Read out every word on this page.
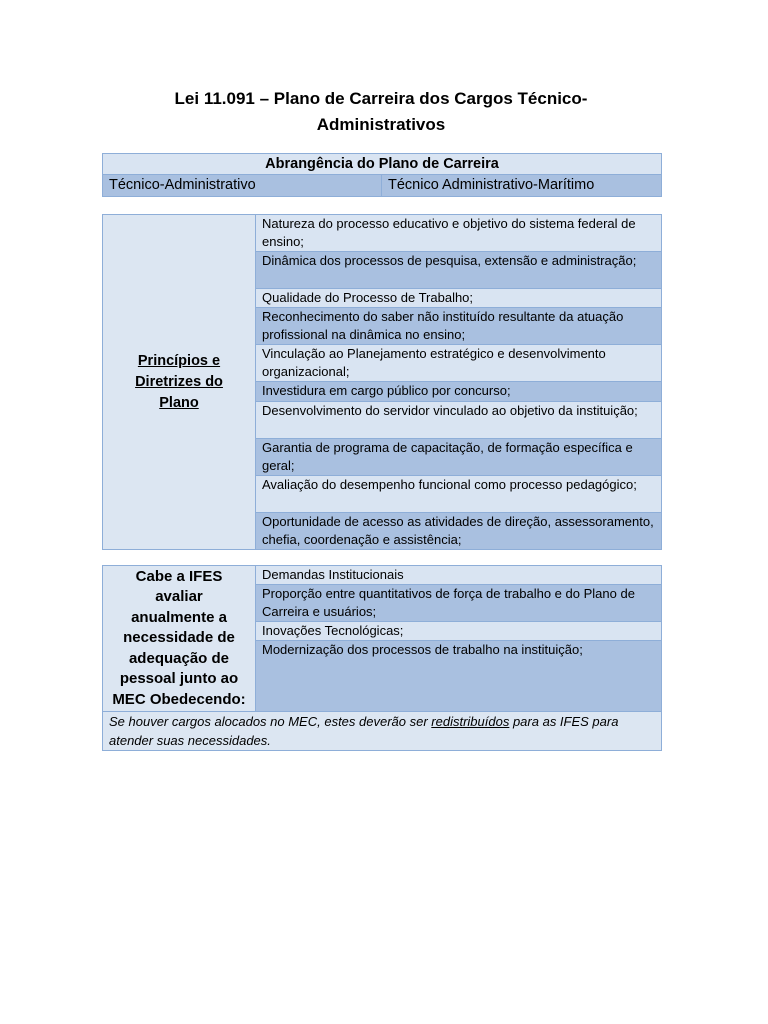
Lei 11.091 – Plano de Carreira dos Cargos Técnico-
Administrativos
Abrangência do Plano de Carreira
Técnico-Administrativo	Técnico Administrativo-Marítimo
Princípios e
Diretrizes do
Plano	Natureza do processo educativo e objetivo do sistema federal de ensino;
Dinâmica dos processos de pesquisa, extensão e administração;
Qualidade do Processo de Trabalho;
Reconhecimento do saber não instituído resultante da atuação profissional na dinâmica no ensino;
Vinculação ao Planejamento estratégico e desenvolvimento organizacional;
Investidura em cargo público por concurso;
Desenvolvimento do servidor vinculado ao objetivo da instituição;
Garantia de programa de capacitação, de formação específica e geral;
Avaliação do desempenho funcional como processo pedagógico;
Oportunidade de acesso as atividades de direção, assessoramento, chefia, coordenação e assistência;
Cabe a IFES
avaliar
anualmente a
necessidade de
adequação de
pessoal junto ao
MEC Obedecendo:	Demandas Institucionais
Proporção entre quantitativos de força de trabalho e do Plano de Carreira e usuários;
Inovações Tecnológicas;
Modernização dos processos de trabalho na instituição;
Se houver cargos alocados no MEC, estes deverão ser redistribuídos para as IFES para atender suas necessidades.
